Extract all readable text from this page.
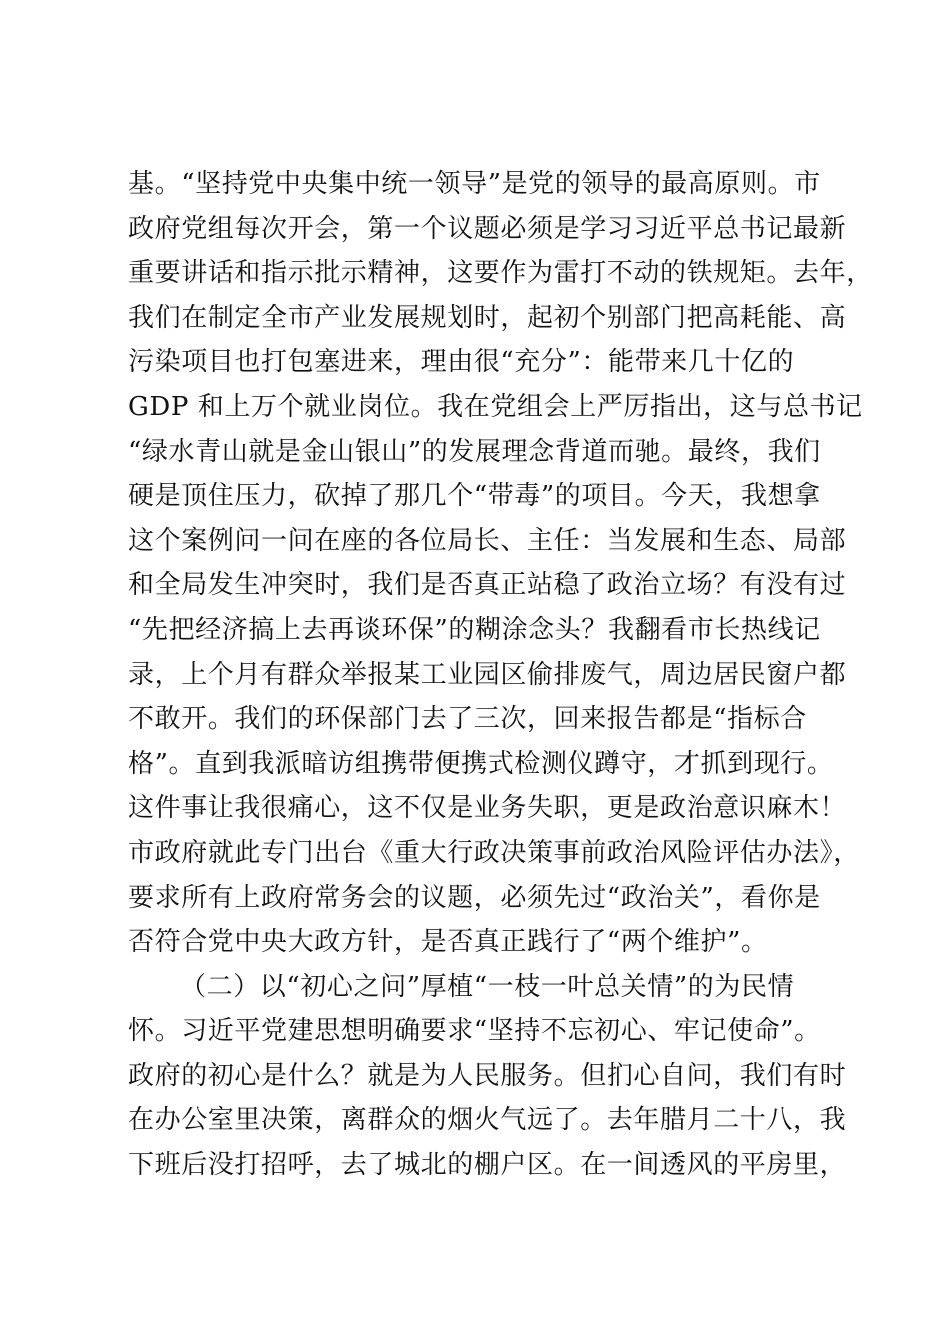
基。“坚持党中央集中统一领导”是党的领导的最高原则。市
政府党组每次开会，第一个议题必须是学习习近平总书记最新
重要讲话和指示批示精神，这要作为雷打不动的铁规矩。去年，
我们在制定全市产业发展规划时，起初个别部门把高耗能、高
污染项目也打包塞进来，理由很“充分”：能带来几十亿的
GDP 和上万个就业岗位。我在党组会上严厉指出，这与总书记
“绿水青山就是金山银山”的发展理念背道而驰。最终，我们
硬是顶住压力，砍掉了那几个“带毒”的项目。今天，我想拿
这个案例问一问在座的各位局长、主任：当发展和生态、局部
和全局发生冲突时，我们是否真正站稳了政治立场？有没有过
“先把经济搞上去再谈环保”的糊涂念头？我翻看市长热线记
录，上个月有群众举报某工业园区偷排废气，周边居民窗户都
不敢开。我们的环保部门去了三次，回来报告都是“指标合
格”。直到我派暗访组携带便携式检测仪蹲守，才抓到现行。
这件事让我很痛心，这不仅是业务失职，更是政治意识麻木！
市政府就此专门出台《重大行政决策事前政治风险评估办法》，
要求所有上政府常务会的议题，必须先过“政治关”，看你是
否符合党中央大政方针，是否真正践行了“两个维护”。
（二）以“初心之问”厚植“一枝一叶总关情”的为民情
怀。习近平党建思想明确要求“坚持不忘初心、牢记使命”。
政府的初心是什么？就是为人民服务。但扪心自问，我们有时
在办公室里决策，离群众的烟火气远了。去年腊月二十八，我
下班后没打招呼，去了城北的棚户区。在一间透风的平房里，
